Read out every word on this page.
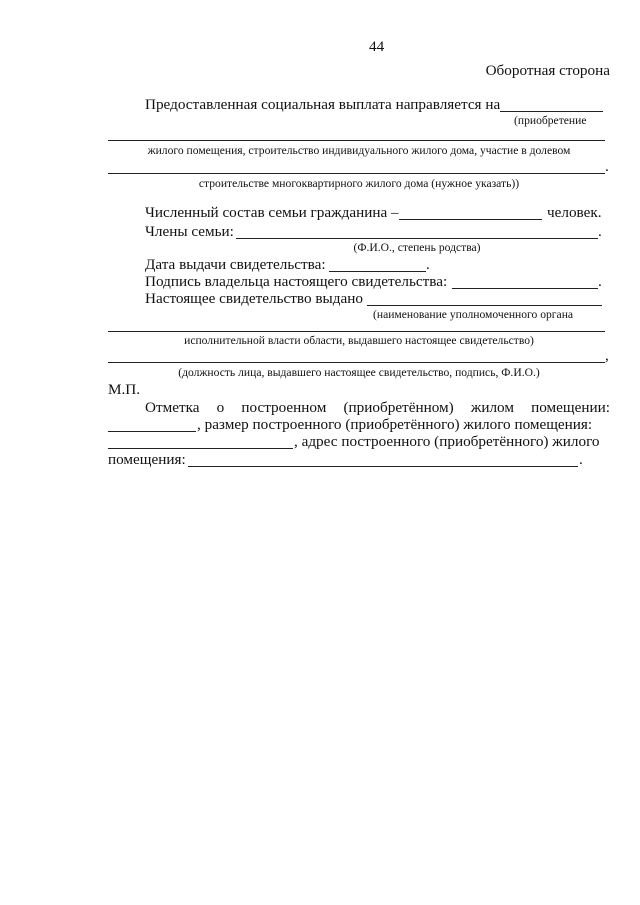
44
Оборотная сторона
Предоставленная социальная выплата направляется на
(приобретение
жилого помещения, строительство индивидуального жилого дома, участие в долевом
.
строительстве многоквартирного жилого дома (нужное указать))
Численный состав семьи гражданина –	человек.
Члены семьи:	.
(Ф.И.О., степень родства)
Дата выдачи свидетельства:	.
Подпись владельца настоящего свидетельства:	.
Настоящее свидетельство выдано
(наименование уполномоченного органа
исполнительной власти области, выдавшего настоящее свидетельство)
,
(должность лица, выдавшего настоящее свидетельство, подпись, Ф.И.О.)
М.П.
Отметка о построенном (приобретённом) жилом помещении:
, размер построенного (приобретённого) жилого помещения:
, адрес построенного (приобретённого) жилого
помещения:	.
